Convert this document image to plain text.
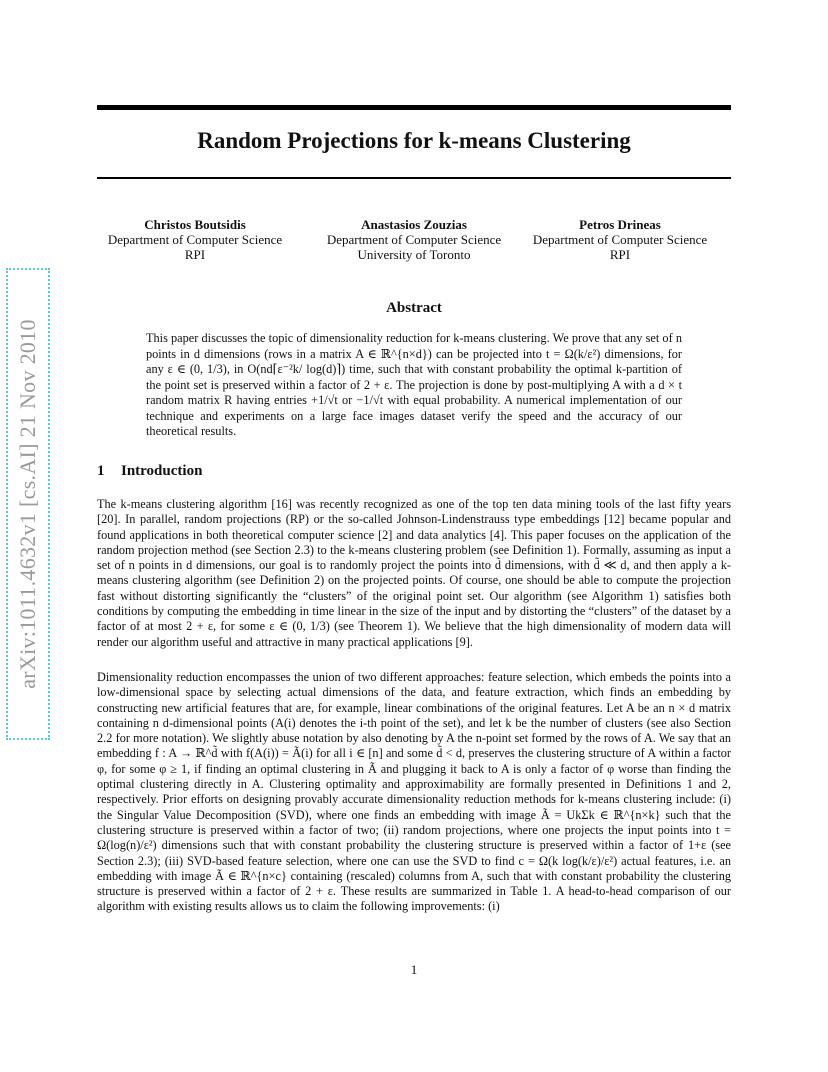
Random Projections for k-means Clustering
Christos Boutsidis
Department of Computer Science
RPI
Anastasios Zouzias
Department of Computer Science
University of Toronto
Petros Drineas
Department of Computer Science
RPI
arXiv:1011.4632v1 [cs.AI] 21 Nov 2010
Abstract
This paper discusses the topic of dimensionality reduction for k-means clustering. We prove that any set of n points in d dimensions (rows in a matrix A ∈ ℝ^{n×d}) can be projected into t = Ω(k/ε²) dimensions, for any ε ∈ (0, 1/3), in O(nd⌈ε⁻²k/ log(d)⌉) time, such that with constant probability the optimal k-partition of the point set is preserved within a factor of 2 + ε. The projection is done by post-multiplying A with a d × t random matrix R having entries +1/√t or −1/√t with equal probability. A numerical implementation of our technique and experiments on a large face images dataset verify the speed and the accuracy of our theoretical results.
1 Introduction
The k-means clustering algorithm [16] was recently recognized as one of the top ten data mining tools of the last fifty years [20]. In parallel, random projections (RP) or the so-called Johnson-Lindenstrauss type embeddings [12] became popular and found applications in both theoretical computer science [2] and data analytics [4]. This paper focuses on the application of the random projection method (see Section 2.3) to the k-means clustering problem (see Definition 1). Formally, assuming as input a set of n points in d dimensions, our goal is to randomly project the points into d̃ dimensions, with d̃ ≪ d, and then apply a k-means clustering algorithm (see Definition 2) on the projected points. Of course, one should be able to compute the projection fast without distorting significantly the “clusters” of the original point set. Our algorithm (see Algorithm 1) satisfies both conditions by computing the embedding in time linear in the size of the input and by distorting the “clusters” of the dataset by a factor of at most 2 + ε, for some ε ∈ (0, 1/3) (see Theorem 1). We believe that the high dimensionality of modern data will render our algorithm useful and attractive in many practical applications [9].
Dimensionality reduction encompasses the union of two different approaches: feature selection, which embeds the points into a low-dimensional space by selecting actual dimensions of the data, and feature extraction, which finds an embedding by constructing new artificial features that are, for example, linear combinations of the original features. Let A be an n × d matrix containing n d-dimensional points (A(i) denotes the i-th point of the set), and let k be the number of clusters (see also Section 2.2 for more notation). We slightly abuse notation by also denoting by A the n-point set formed by the rows of A. We say that an embedding f : A → ℝ^d̃ with f(A(i)) = Ã(i) for all i ∈ [n] and some d̃ < d, preserves the clustering structure of A within a factor φ, for some φ ≥ 1, if finding an optimal clustering in Ã and plugging it back to A is only a factor of φ worse than finding the optimal clustering directly in A. Clustering optimality and approximability are formally presented in Definitions 1 and 2, respectively. Prior efforts on designing provably accurate dimensionality reduction methods for k-means clustering include: (i) the Singular Value Decomposition (SVD), where one finds an embedding with image Ã = UkΣk ∈ ℝ^{n×k} such that the clustering structure is preserved within a factor of two; (ii) random projections, where one projects the input points into t = Ω(log(n)/ε²) dimensions such that with constant probability the clustering structure is preserved within a factor of 1+ε (see Section 2.3); (iii) SVD-based feature selection, where one can use the SVD to find c = Ω(k log(k/ε)/ε²) actual features, i.e. an embedding with image Ã ∈ ℝ^{n×c} containing (rescaled) columns from A, such that with constant probability the clustering structure is preserved within a factor of 2 + ε. These results are summarized in Table 1. A head-to-head comparison of our algorithm with existing results allows us to claim the following improvements: (i)
1
